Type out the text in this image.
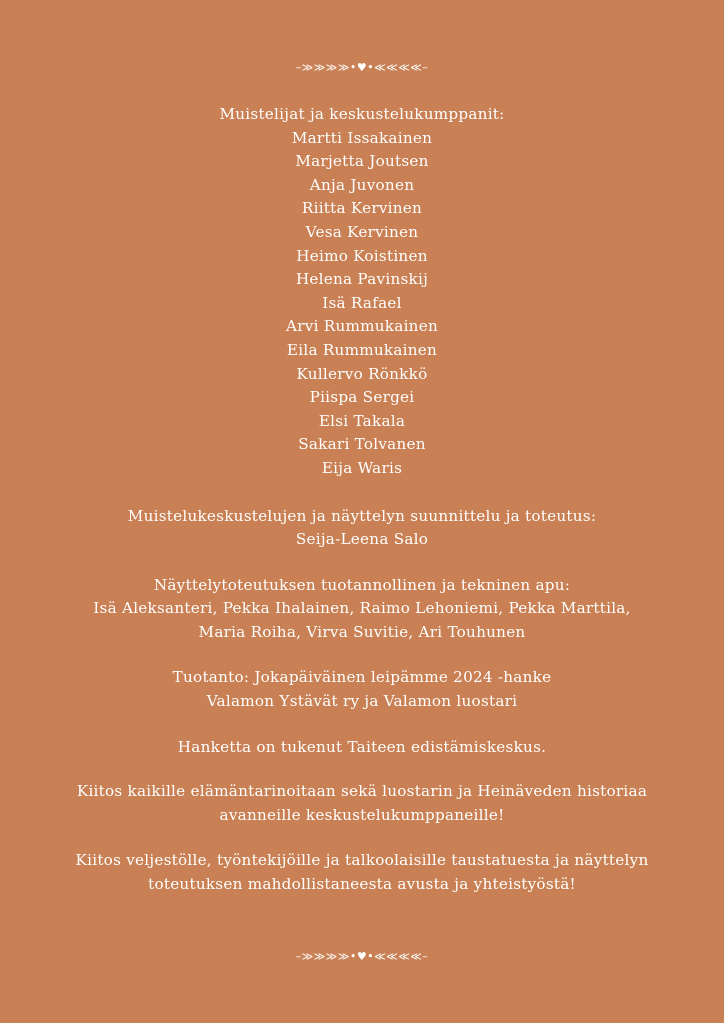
–≫≫≫≫•♥•≪≪≪≪–
Muistelijat ja keskustelukumppanit:
Martti Issakainen
Marjetta Joutsen
Anja Juvonen
Riitta Kervinen
Vesa Kervinen
Heimo Koistinen
Helena Pavinskij
Isä Rafael
Arvi Rummukainen
Eila Rummukainen
Kullervo Rönkkö
Piispa Sergei
Elsi Takala
Sakari Tolvanen
Eija Waris
Muistelukeskustelujen ja näyttelyn suunnittelu ja toteutus:
Seija-Leena Salo
Näyttelytoteutuksen tuotannollinen ja tekninen apu:
Isä Aleksanteri, Pekka Ihalainen, Raimo Lehoniemi, Pekka Marttila,
Maria Roiha, Virva Suvitie, Ari Touhunen
Tuotanto: Jokapäiväinen leipämme 2024 -hanke
Valamon Ystävät ry ja Valamon luostari
Hanketta on tukenut Taiteen edistämiskeskus.
Kiitos kaikille elämäntarinoitaan sekä luostarin ja Heinäveden historiaa
avanneille keskustelukumppaneille!
Kiitos veljestölle, työntekijöille ja talkoolaisille taustatuesta ja näyttelyn
toteutuksen mahdollistaneesta avusta ja yhteistyöstä!
–≫≫≫≫•♥•≪≪≪≪–
